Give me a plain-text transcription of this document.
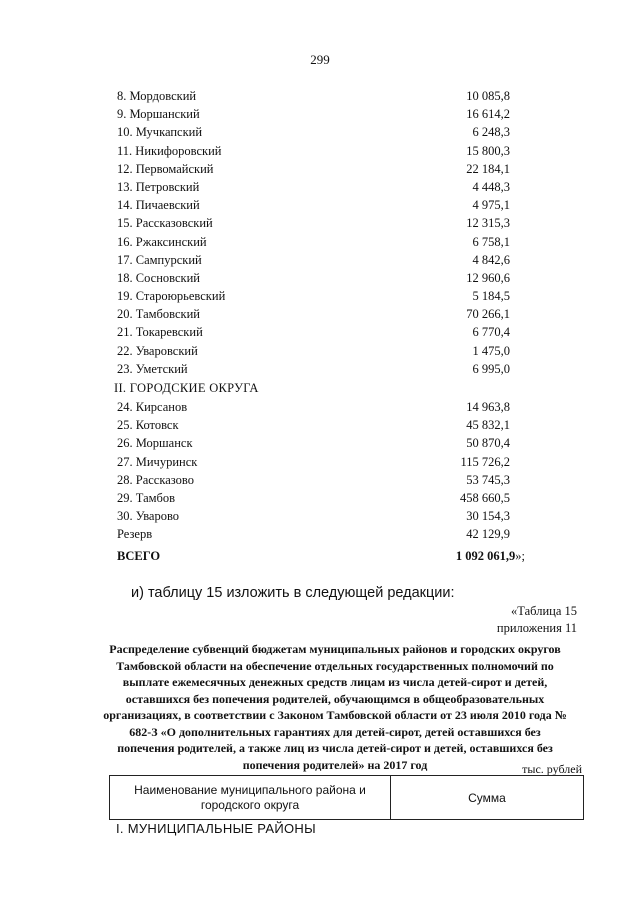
299
8. Мордовский	10 085,8
9. Моршанский	16 614,2
10. Мучкапский	6 248,3
11. Никифоровский	15 800,3
12. Первомайский	22 184,1
13. Петровский	4 448,3
14. Пичаевский	4 975,1
15. Рассказовский	12 315,3
16. Ржаксинский	6 758,1
17. Сампурский	4 842,6
18. Сосновский	12 960,6
19. Староюрьевский	5 184,5
20. Тамбовский	70 266,1
21. Токаревский	6 770,4
22. Уваровский	1 475,0
23. Уметский	6 995,0
II. ГОРОДСКИЕ ОКРУГА
24. Кирсанов	14 963,8
25. Котовск	45 832,1
26. Моршанск	50 870,4
27. Мичуринск	115 726,2
28. Рассказово	53 745,3
29. Тамбов	458 660,5
30. Уварово	30 154,3
Резерв	42 129,9
ВСЕГО	1 092 061,9»;
и) таблицу 15 изложить в следующей редакции:
«Таблица 15
приложения 11
Распределение субвенций бюджетам муниципальных районов и городских округов Тамбовской области на обеспечение отдельных государственных полномочий по выплате ежемесячных денежных средств лицам из числа детей-сирот и детей, оставшихся без попечения родителей, обучающимся в общеобразовательных организациях, в соответствии с Законом Тамбовской области от 23 июля 2010 года № 682-З «О дополнительных гарантиях для детей-сирот, детей оставшихся без попечения родителей, а также лиц из числа детей-сирот и детей, оставшихся без попечения родителей» на 2017 год	тыс. рублей
Наименование муниципального района и городского округа	Сумма
I. МУНИЦИПАЛЬНЫЕ РАЙОНЫ
